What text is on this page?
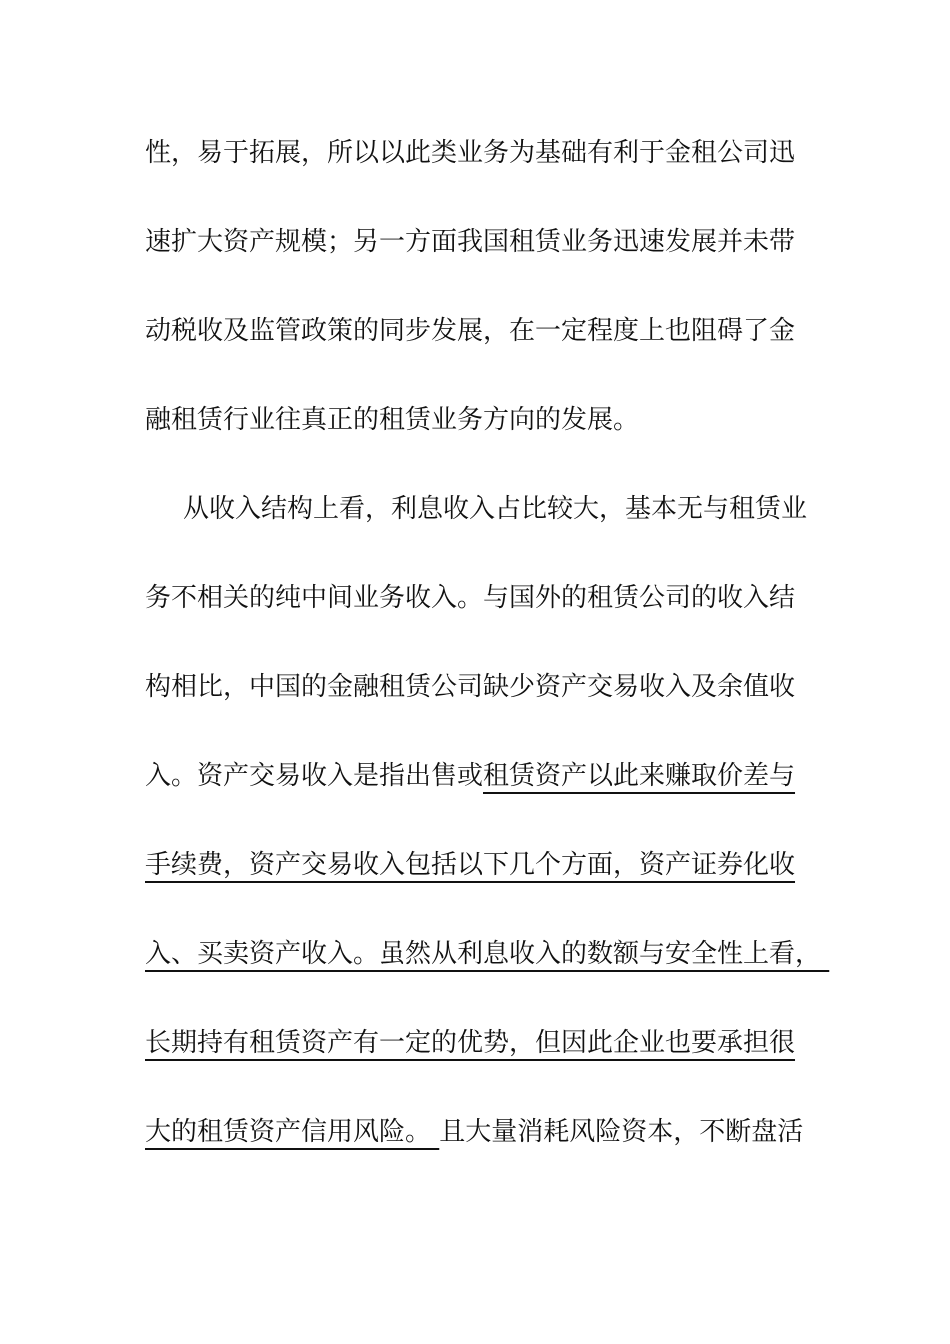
性，易于拓展，所以以此类业务为基础有利于金租公司迅
速扩大资产规模；另一方面我国租赁业务迅速发展并未带
动税收及监管政策的同步发展，在一定程度上也阻碍了金
融租赁行业往真正的租赁业务方向的发展。
从收入结构上看，利息收入占比较大，基本无与租赁业
务不相关的纯中间业务收入。与国外的租赁公司的收入结
构相比，中国的金融租赁公司缺少资产交易收入及余值收
入。资产交易收入是指出售或租赁资产以此来赚取价差与
手续费，资产交易收入包括以下几个方面，资产证券化收
入、买卖资产收入。虽然从利息收入的数额与安全性上看，
长期持有租赁资产有一定的优势，但因此企业也要承担很
大的租赁资产信用风险。 且大量消耗风险资本，不断盘活
